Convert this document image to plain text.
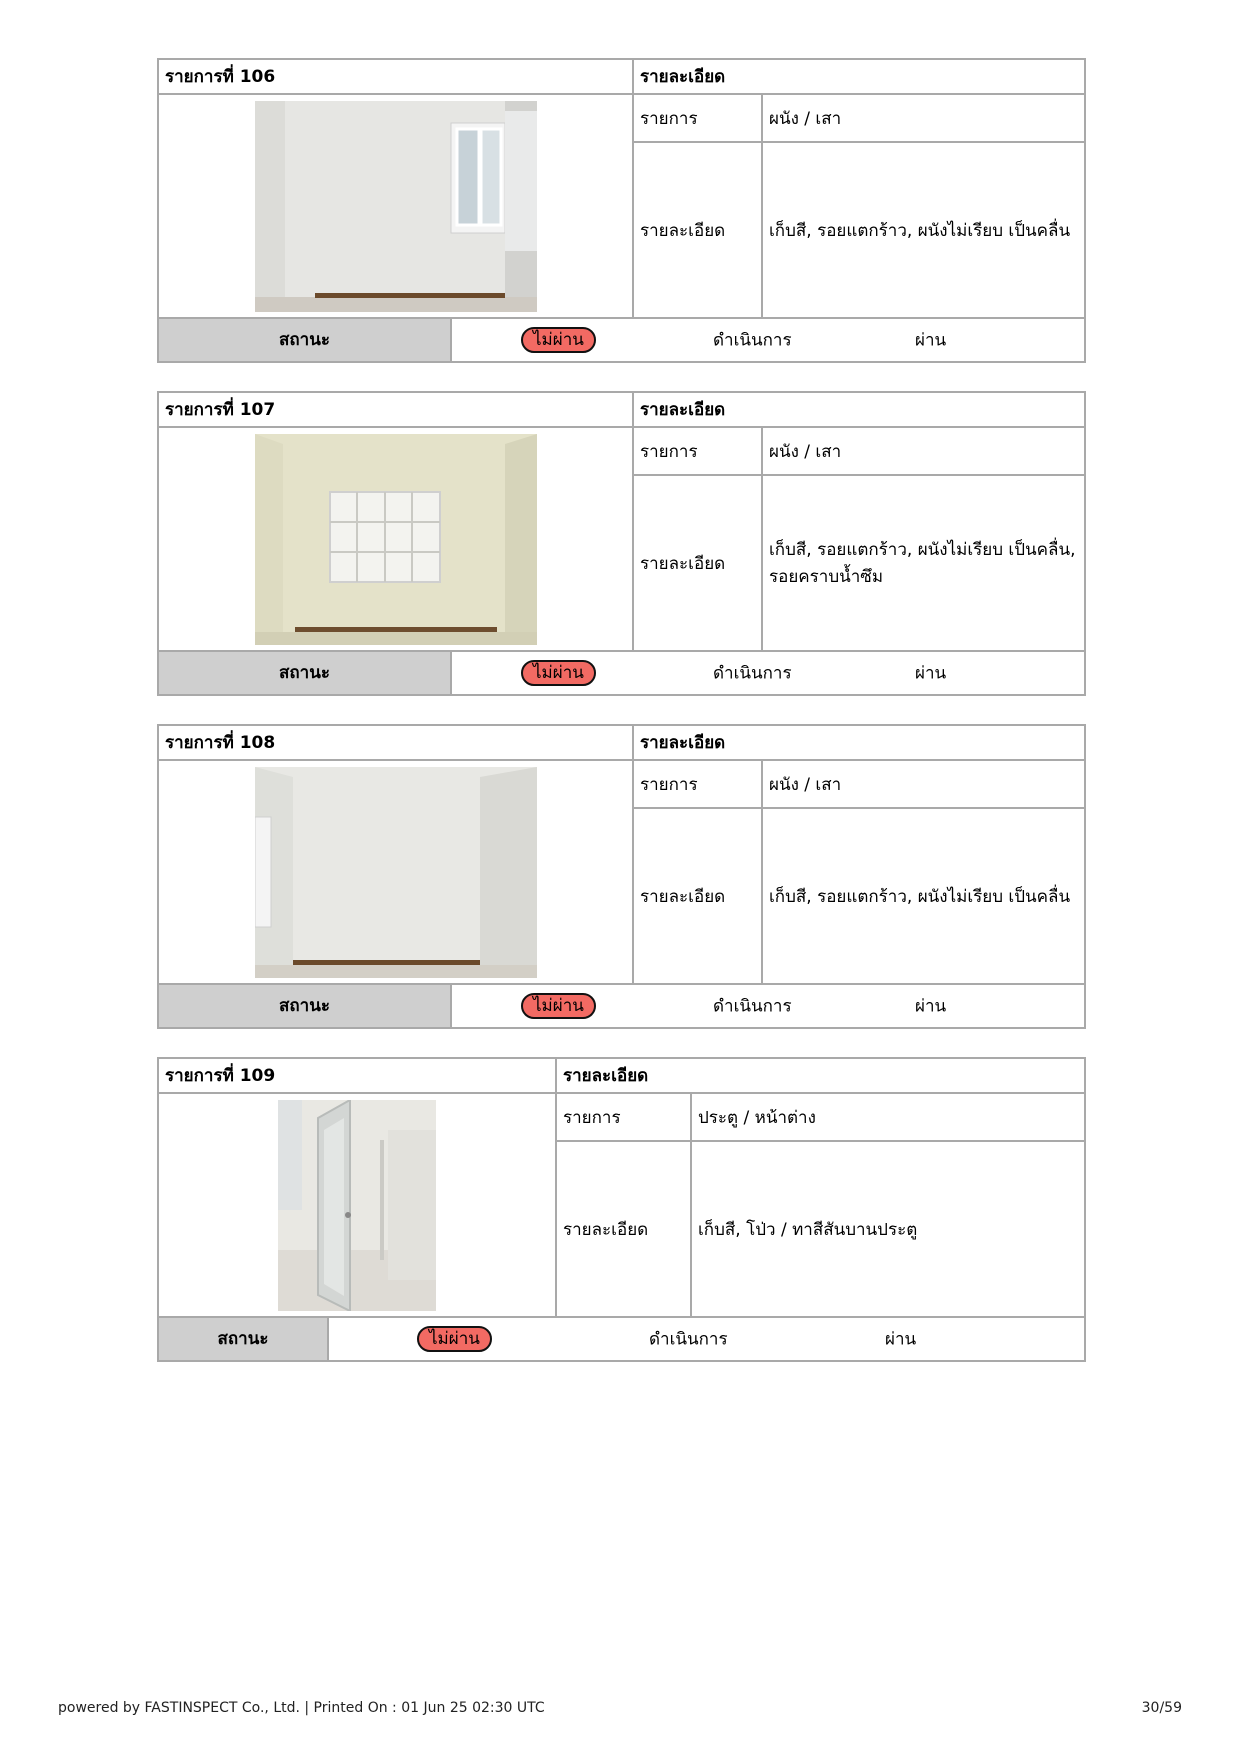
รายการที่ 106	รายละเอียด	

	รายการ	ผนัง / เสา
	รายละเอียด	เก็บสี, รอยแตกร้าว, ผนังไม่เรียบ เป็นคลื่น

สถานะ ไม่ผ่าน ดำเนินการ ผ่าน		
รายการที่ 107	รายละเอียด	

	รายการ	ผนัง / เสา
	รายละเอียด	เก็บสี, รอยแตกร้าว, ผนังไม่เรียบ เป็นคลื่น, รอยคราบน้ำซึม

สถานะ ไม่ผ่าน ดำเนินการ ผ่าน		
รายการที่ 108	รายละเอียด	

	รายการ	ผนัง / เสา
	รายละเอียด	เก็บสี, รอยแตกร้าว, ผนังไม่เรียบ เป็นคลื่น

สถานะ ไม่ผ่าน ดำเนินการ ผ่าน		
รายการที่ 109	รายละเอียด	

	รายการ	ประตู / หน้าต่าง
	รายละเอียด	เก็บสี, โป่ว / ทาสีสันบานประตู

สถานะ ไม่ผ่าน ดำเนินการ ผ่าน		
powered by FASTINSPECT Co., Ltd. | Printed On : 01 Jun 25 02:30 UTC	30/59
